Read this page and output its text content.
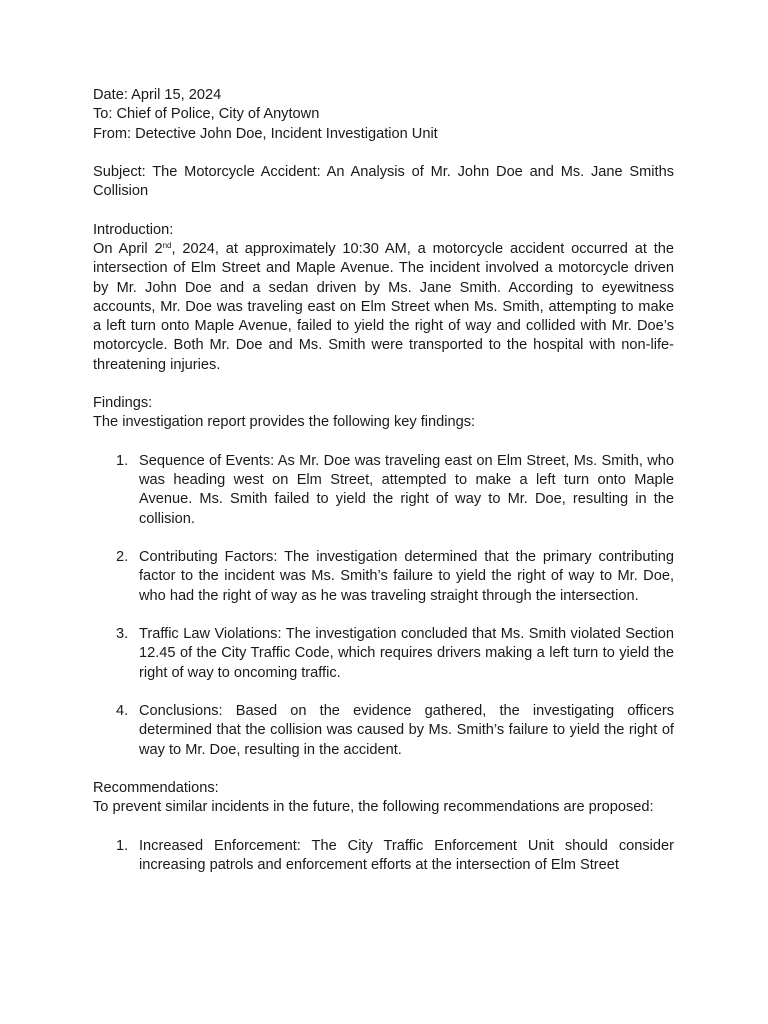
Date: April 15, 2024

To: Chief of Police, City of Anytown

From: Detective John Doe, Incident Investigation Unit

Subject: The Motorcycle Accident: An Analysis of Mr. John Doe and Ms. Jane Smiths Collision

Introduction:

On April 2nd, 2024, at approximately 10:30 AM, a motorcycle accident occurred at the intersection of Elm Street and Maple Avenue. The incident involved a motorcycle driven by Mr. John Doe and a sedan driven by Ms. Jane Smith. According to eyewitness accounts, Mr. Doe was traveling east on Elm Street when Ms. Smith, attempting to make a left turn onto Maple Avenue, failed to yield the right of way and collided with Mr. Doe’s motorcycle. Both Mr. Doe and Ms. Smith were transported to the hospital with non-life-threatening injuries.

Findings:

The investigation report provides the following key findings:

1. Sequence of Events: As Mr. Doe was traveling east on Elm Street, Ms. Smith, who was heading west on Elm Street, attempted to make a left turn onto Maple Avenue. Ms. Smith failed to yield the right of way to Mr. Doe, resulting in the collision.
2. Contributing Factors: The investigation determined that the primary contributing factor to the incident was Ms. Smith’s failure to yield the right of way to Mr. Doe, who had the right of way as he was traveling straight through the intersection.
3. Traffic Law Violations: The investigation concluded that Ms. Smith violated Section 12.45 of the City Traffic Code, which requires drivers making a left turn to yield the right of way to oncoming traffic.
4. Conclusions: Based on the evidence gathered, the investigating officers determined that the collision was caused by Ms. Smith’s failure to yield the right of way to Mr. Doe, resulting in the accident.

Recommendations:

To prevent similar incidents in the future, the following recommendations are proposed:

1. Increased Enforcement: The City Traffic Enforcement Unit should consider increasing patrols and enforcement efforts at the intersection of Elm Street
